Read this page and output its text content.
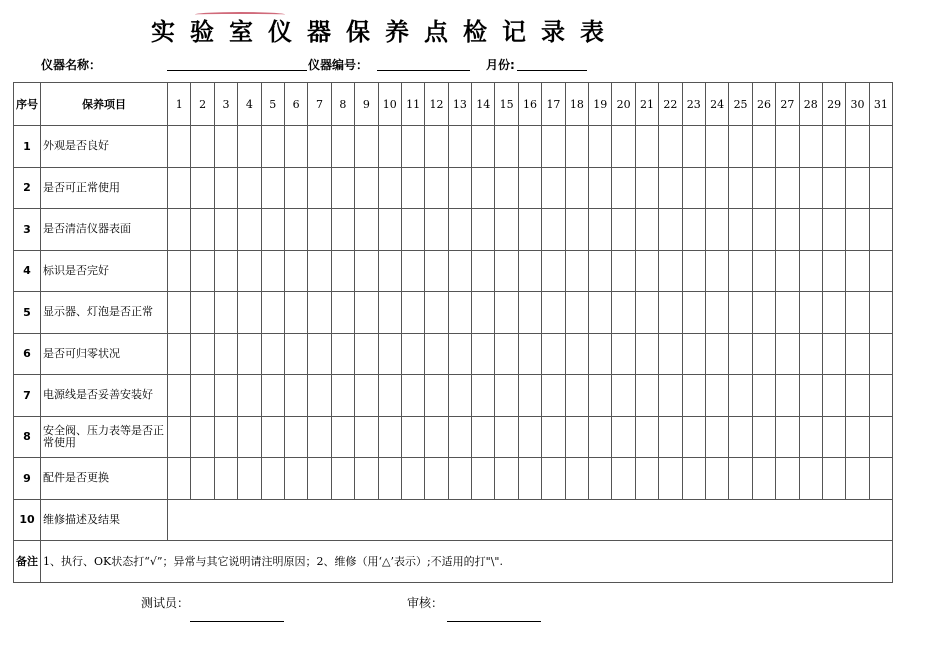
实验室仪器保养点检记录表
仪器名称：	仪器编号：	月份:
序号	保养项目	1	2	3	4	5	6	7	8	9	10	11	12	13	14	15	16	17	18	19	20	21	22	23	24	25	26	27	28	29	30	31
1	外观是否良好																															
2	是否可正常使用																															
3	是否清洁仪器表面																															
4	标识是否完好																															
5	显示器、灯泡是否正常																															
6	是否可归零状况																															
7	电源线是否妥善安装好																															
8	安全阀、压力表等是否正常使用																															
9	配件是否更换																															
10	维修描述及结果																															
备注	1、执行、OK状态打“√”；异常与其它说明请注明原因；2、维修（用‘△’表示）;不适用的打"\".																															
测试员：	审核：
